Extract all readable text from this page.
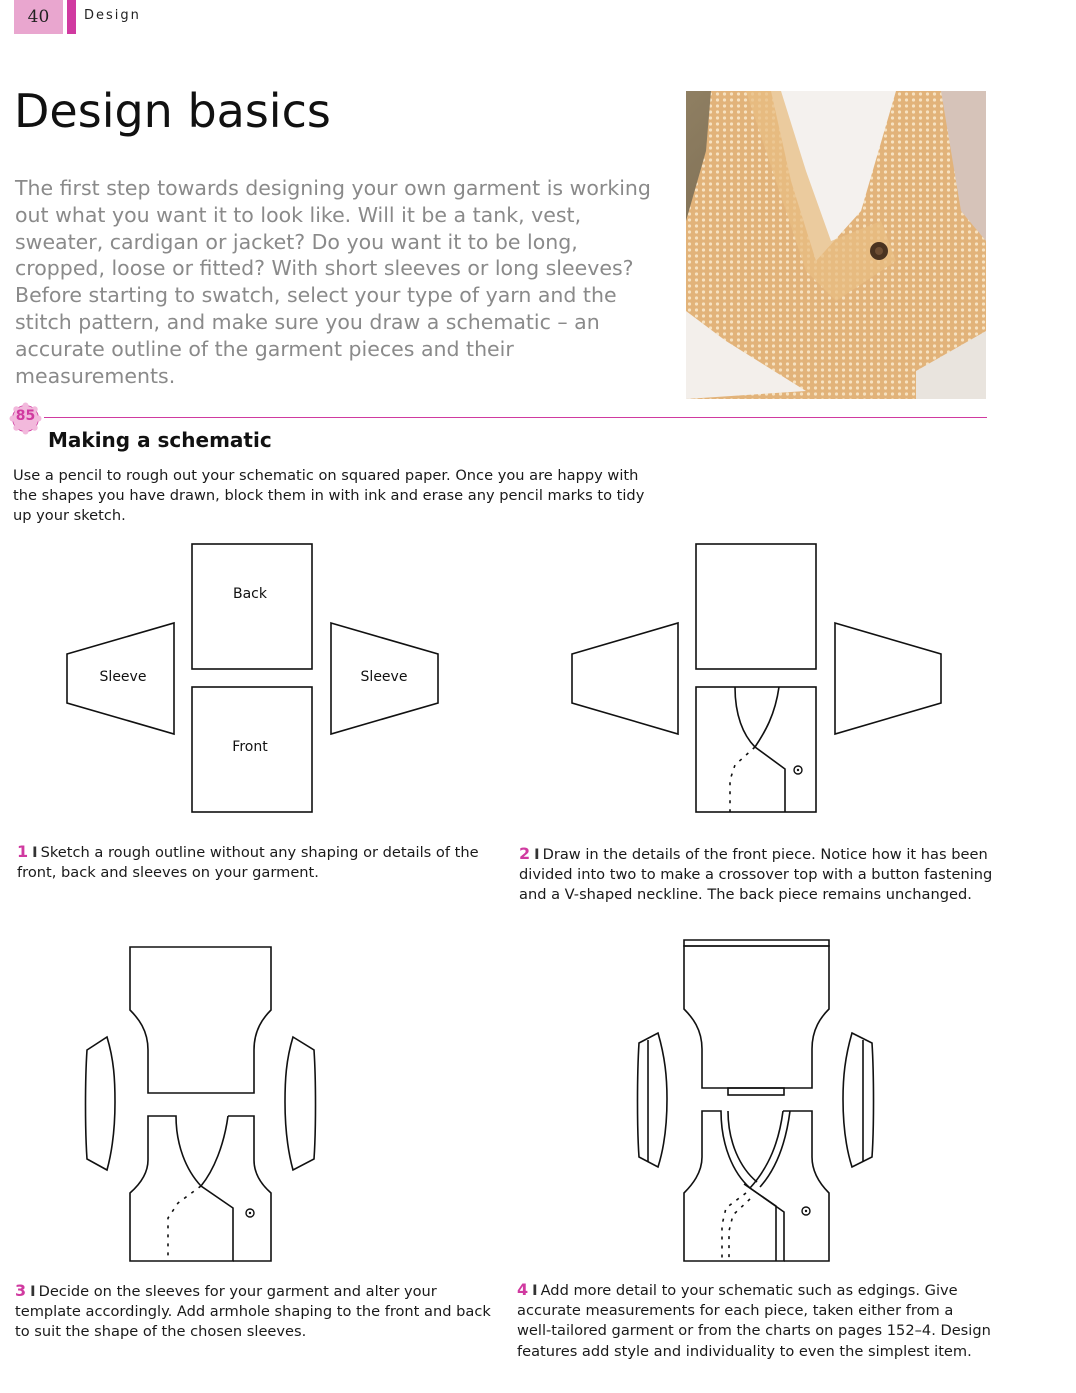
40	Design
Design basics
The first step towards designing your own garment is working out what you want it to look like. Will it be a tank, vest, sweater, cardigan or jacket? Do you want it to be long, cropped, loose or fitted? With short sleeves or long sleeves? Before starting to swatch, select your type of yarn and the stitch pattern, and make sure you draw a schematic – an accurate outline of the garment pieces and their measurements.
85
Making a schematic
Use a pencil to rough out your schematic on squared paper. Once you are happy with the shapes you have drawn, block them in with ink and erase any pencil marks to tidy up your sketch.
Back
Front
Sleeve	Sleeve
1 I Sketch a rough outline without any shaping or details of the front, back and sleeves on your garment.
2 I Draw in the details of the front piece. Notice how it has been divided into two to make a crossover top with a button fastening and a V-shaped neckline. The back piece remains unchanged.
3 I Decide on the sleeves for your garment and alter your template accordingly. Add armhole shaping to the front and back to suit the shape of the chosen sleeves.
4 I Add more detail to your schematic such as edgings. Give accurate measurements for each piece, taken either from a well-tailored garment or from the charts on pages 152–4. Design features add style and individuality to even the simplest item.
